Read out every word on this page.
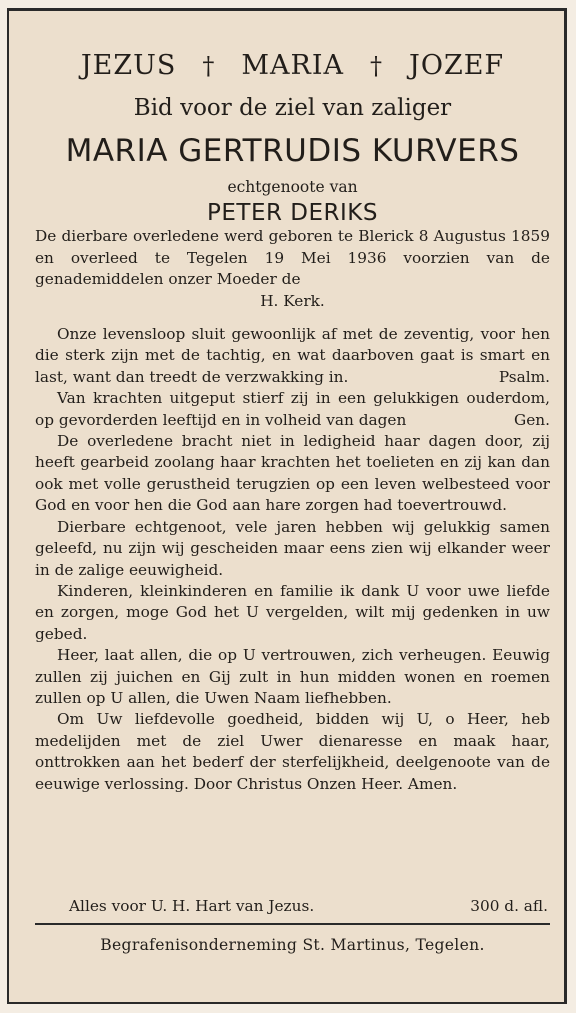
JEZUS † MARIA † JOZEF
Bid voor de ziel van zaliger
MARIA GERTRUDIS KURVERS
echtgenoote van
PETER DERIKS
De dierbare overledene werd geboren te Blerick 8 Augustus 1859 en overleed te Tegelen 19 Mei 1936 voorzien van de genademiddelen onzer Moeder de
H. Kerk.

Onze levensloop sluit gewoonlijk af met de zeventig, voor hen die sterk zijn met de tachtig, en wat daarboven gaat is smart en last, want dan treedt de verzwakking in.	Psalm.

Van krachten uitgeput stierf zij in een gelukkigen ouderdom, op gevorderden leeftijd en in volheid van dagen	Gen.

De overledene bracht niet in ledigheid haar dagen door, zij heeft gearbeid zoolang haar krachten het toelieten en zij kan dan ook met volle gerustheid terugzien op een leven welbesteed voor God en voor hen die God aan hare zorgen had toevertrouwd.

Dierbare echtgenoot, vele jaren hebben wij gelukkig samen geleefd, nu zijn wij gescheiden maar eens zien wij elkander weer in de zalige eeuwigheid.

Kinderen, kleinkinderen en familie ik dank U voor uwe liefde en zorgen, moge God het U vergelden, wilt mij gedenken in uw gebed.

Heer, laat allen, die op U vertrouwen, zich verheugen. Eeuwig zullen zij juichen en Gij zult in hun midden wonen en roemen zullen op U allen, die Uwen Naam liefhebben.

Om Uw liefdevolle goedheid, bidden wij U, o Heer, heb medelijden met de ziel Uwer dienaresse en maak haar, onttrokken aan het bederf der sterfelijkheid, deelgenoote van de eeuwige verlossing. Door Christus Onzen Heer. Amen.

Alles voor U. H. Hart van Jezus.	300 d. afl.
Begrafenisonderneming St. Martinus, Tegelen.
